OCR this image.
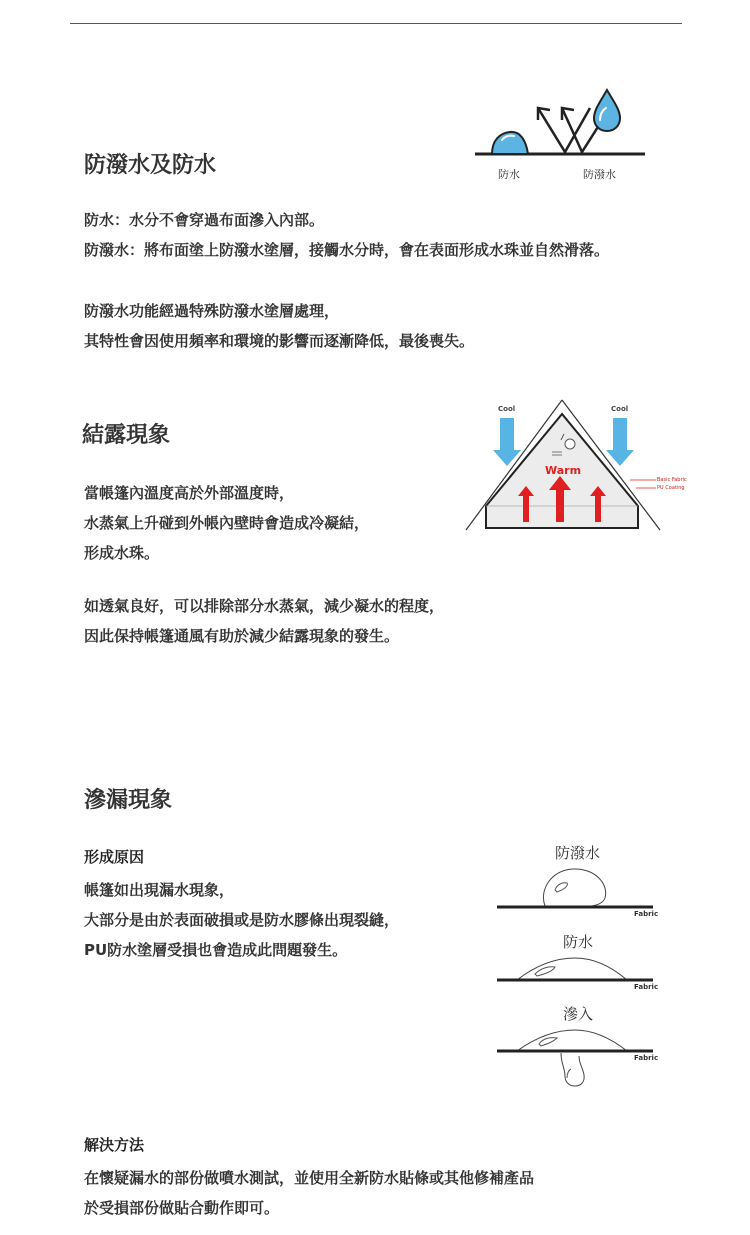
防潑水及防水	防水	防潑水

防水：水分不會穿過布面滲入內部。

防潑水：將布面塗上防潑水塗層，接觸水分時，會在表面形成水珠並自然滑落。

防潑水功能經過特殊防潑水塗層處理，

其特性會因使用頻率和環境的影響而逐漸降低，最後喪失。

結露現象
Cool	Cool
Warm
Basic Fabric
PU Coating

當帳篷內溫度高於外部溫度時，

水蒸氣上升碰到外帳內壁時會造成冷凝結，

形成水珠。

如透氣良好，可以排除部分水蒸氣，減少凝水的程度，

因此保持帳篷通風有助於減少結露現象的發生。

滲漏現象

形成原因

帳篷如出現漏水現象，

大部分是由於表面破損或是防水膠條出現裂縫，

PU防水塗層受損也會造成此問題發生。

防潑水
防水
滲入
Fabric
Fabric
Fabric

解決方法

在懷疑漏水的部份做噴水測試，並使用全新防水貼條或其他修補產品

於受損部份做貼合動作即可。
